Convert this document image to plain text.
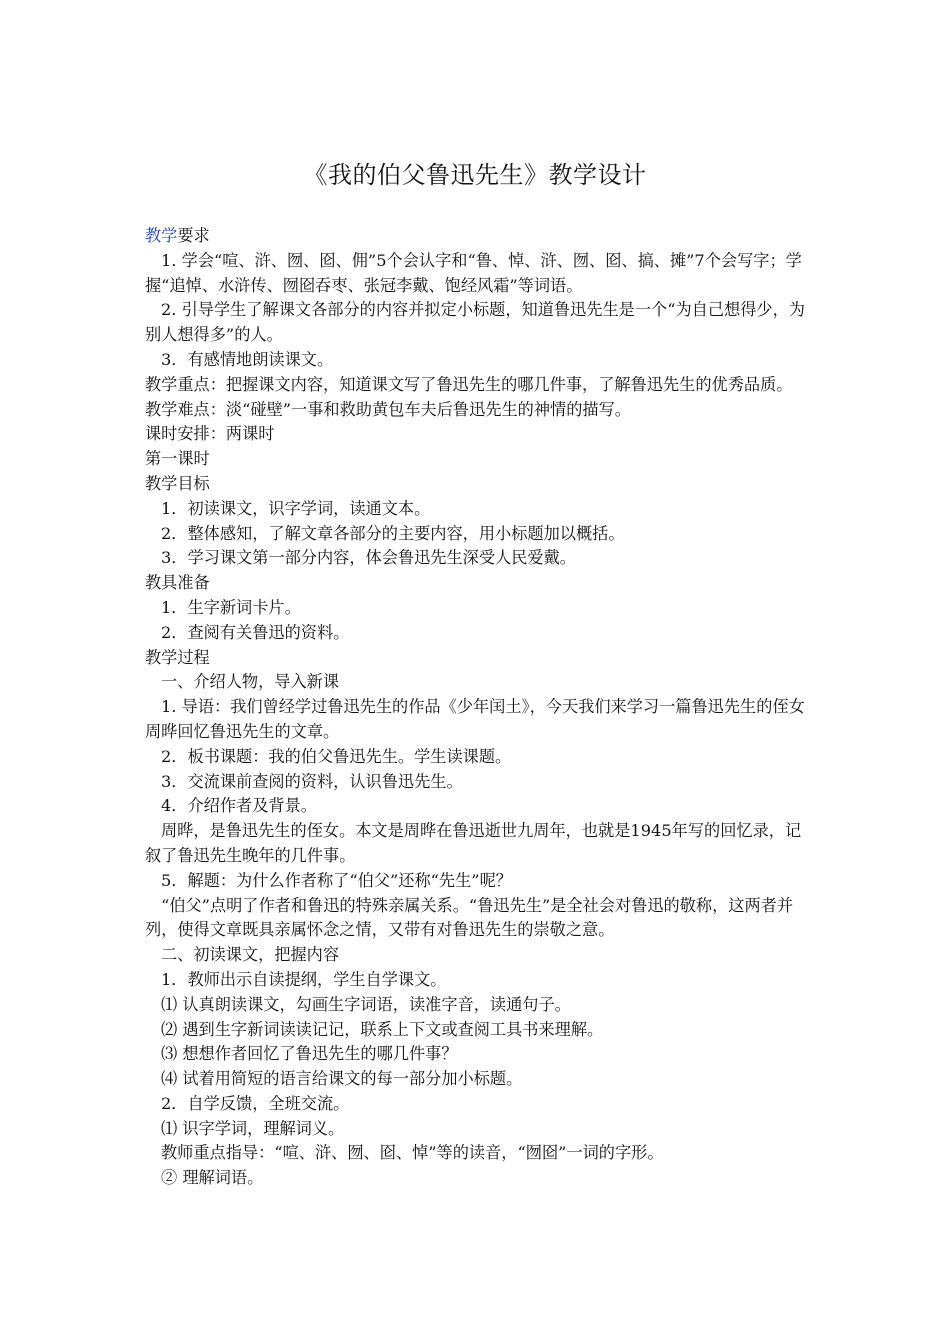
《我的伯父鲁迅先生》教学设计

教学要求

1. 学会“喧、浒、囫、囵、佣”5个会认字和“鲁、悼、浒、囫、囵、搞、摊”7个会写字；学握“追悼、水浒传、囫囵吞枣、张冠李戴、饱经风霜”等词语。

2. 引导学生了解课文各部分的内容并拟定小标题，知道鲁迅先生是一个“为自己想得少，为别人想得多”的人。

3．有感情地朗读课文。

教学重点：把握课文内容，知道课文写了鲁迅先生的哪几件事，了解鲁迅先生的优秀品质。

教学难点：淡“碰壁”一事和救助黄包车夫后鲁迅先生的神情的描写。

课时安排：两课时

第一课时

教学目标

1．初读课文，识字学词，读通文本。

2．整体感知，了解文章各部分的主要内容，用小标题加以概括。

3．学习课文第一部分内容，体会鲁迅先生深受人民爱戴。

教具准备

1．生字新词卡片。

2．查阅有关鲁迅的资料。

教学过程

一、介绍人物，导入新课

1. 导语：我们曾经学过鲁迅先生的作品《少年闰土》，今天我们来学习一篇鲁迅先生的侄女周晔回忆鲁迅先生的文章。

2．板书课题：我的伯父鲁迅先生。学生读课题。

3．交流课前查阅的资料，认识鲁迅先生。

4．介绍作者及背景。

周晔，是鲁迅先生的侄女。本文是周晔在鲁迅逝世九周年，也就是1945年写的回忆录，记叙了鲁迅先生晚年的几件事。

5．解题：为什么作者称了“伯父”还称“先生”呢？

“伯父”点明了作者和鲁迅的特殊亲属关系。“鲁迅先生”是全社会对鲁迅的敬称，这两者并列，使得文章既具亲属怀念之情，又带有对鲁迅先生的崇敬之意。

二、初读课文，把握内容

1．教师出示自读提纲，学生自学课文。

⑴ 认真朗读课文，勾画生字词语，读准字音，读通句子。

⑵ 遇到生字新词读读记记，联系上下文或查阅工具书来理解。

⑶ 想想作者回忆了鲁迅先生的哪几件事？

⑷ 试着用简短的语言给课文的每一部分加小标题。

2．自学反馈，全班交流。

⑴ 识字学词，理解词义。

教师重点指导：“喧、浒、囫、囵、悼”等的读音，“囫囵”一词的字形。

② 理解词语。
